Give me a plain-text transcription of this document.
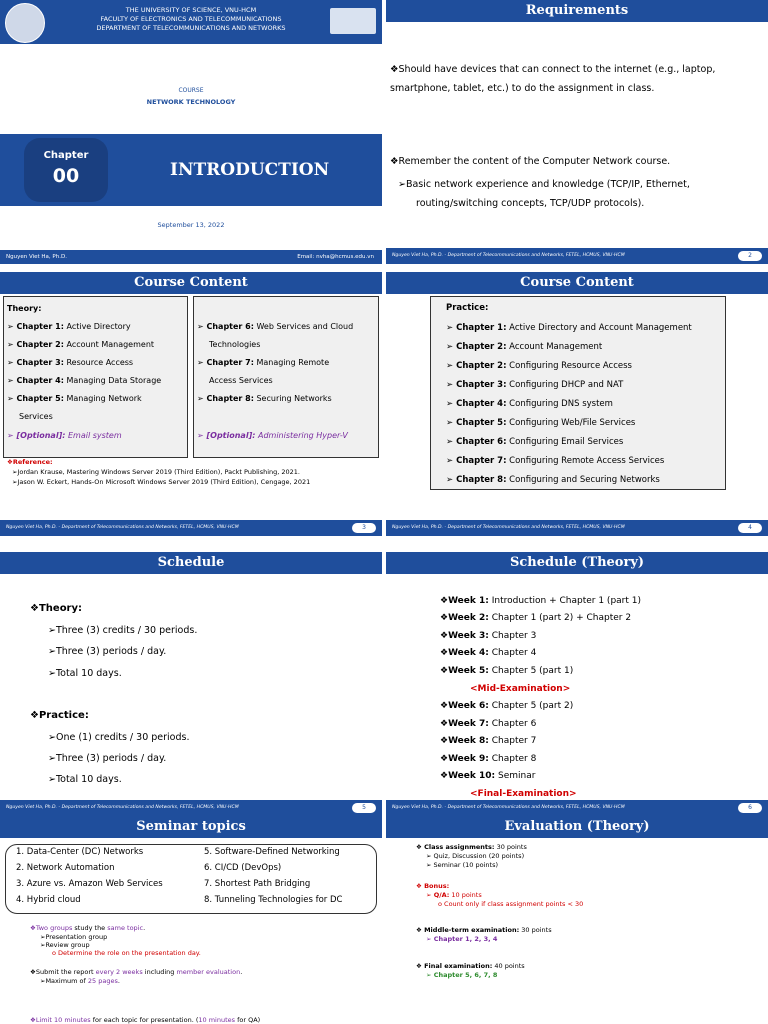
THE UNIVERSITY OF SCIENCE, VNU-HCM
FACULTY OF ELECTRONICS AND TELECOMMUNICATIONS
DEPARTMENT OF TELECOMMUNICATIONS AND NETWORKS
COURSE
NETWORK TECHNOLOGY
Chapter
00	INTRODUCTION
September 13, 2022
Nguyen Viet Ha, Ph.D.	Email: nvha@hcmus.edu.vn
Requirements
❖Should have devices that can connect to the internet (e.g., laptop,
smartphone, tablet, etc.) to do the assignment in class.
❖Remember the content of the Computer Network course.
➢Basic network experience and knowledge (TCP/IP, Ethernet,
routing/switching concepts, TCP/UDP protocols).
Nguyen Viet Ha, Ph.D. - Department of Telecommunications and Networks, FETEL, HCMUS, VNU-HCM	2
Course Content
Theory:
➢ Chapter 1: Active Directory
➢ Chapter 2: Account Management
➢ Chapter 3: Resource Access
➢ Chapter 4: Managing Data Storage
➢ Chapter 5: Managing Network
Services
➢ [Optional]: Email system
➢ Chapter 6: Web Services and Cloud
Technologies
➢ Chapter 7: Managing Remote
Access Services
➢ Chapter 8: Securing Networks
➢ [Optional]: Administering Hyper-V
❖Reference:
➢Jordan Krause, Mastering Windows Server 2019 (Third Edition), Packt Publishing, 2021.
➢Jason W. Eckert, Hands-On Microsoft Windows Server 2019 (Third Edition), Cengage, 2021
Nguyen Viet Ha, Ph.D. - Department of Telecommunications and Networks, FETEL, HCMUS, VNU-HCM	3
Course Content
Practice:
➢ Chapter 1: Active Directory and Account Management
➢ Chapter 2: Account Management
➢ Chapter 2: Configuring Resource Access
➢ Chapter 3: Configuring DHCP and NAT
➢ Chapter 4: Configuring DNS system
➢ Chapter 5: Configuring Web/File Services
➢ Chapter 6: Configuring Email Services
➢ Chapter 7: Configuring Remote Access Services
➢ Chapter 8: Configuring and Securing Networks
Nguyen Viet Ha, Ph.D. - Department of Telecommunications and Networks, FETEL, HCMUS, VNU-HCM	4
Schedule
❖Theory:
➢Three (3) credits / 30 periods.
➢Three (3) periods / day.
➢Total 10 days.
❖Practice:
➢One (1) credits / 30 periods.
➢Three (3) periods / day.
➢Total 10 days.
Nguyen Viet Ha, Ph.D. - Department of Telecommunications and Networks, FETEL, HCMUS, VNU-HCM	5
Schedule (Theory)
❖Week 1: Introduction + Chapter 1 (part 1)
❖Week 2: Chapter 1 (part 2) + Chapter 2
❖Week 3: Chapter 3
❖Week 4: Chapter 4
❖Week 5: Chapter 5 (part 1)
<Mid-Examination>
❖Week 6: Chapter 5 (part 2)
❖Week 7: Chapter 6
❖Week 8: Chapter 7
❖Week 9: Chapter 8
❖Week 10: Seminar
<Final-Examination>
Nguyen Viet Ha, Ph.D. - Department of Telecommunications and Networks, FETEL, HCMUS, VNU-HCM	6
Seminar topics
1. Data-Center (DC) Networks
2. Network Automation
3. Azure vs. Amazon Web Services
4. Hybrid cloud
5. Software-Defined Networking
6. CI/CD (DevOps)
7. Shortest Path Bridging
8. Tunneling Technologies for DC
❖Two groups study the same topic.
➢Presentation group
➢Review group
o Determine the role on the presentation day.
❖Submit the report every 2 weeks including member evaluation.
➢Maximum of 25 pages.
❖Limit 10 minutes for each topic for presentation. (10 minutes for QA)
Evaluation (Theory)
❖ Class assignments: 30 points
➢ Quiz, Discussion (20 points)
➢ Seminar (10 points)
❖ Bonus:
➢ Q/A: 10 points
o Count only if class assignment points < 30
❖ Middle-term examination: 30 points
➢ Chapter 1, 2, 3, 4
❖ Final examination: 40 points
➢ Chapter 5, 6, 7, 8
